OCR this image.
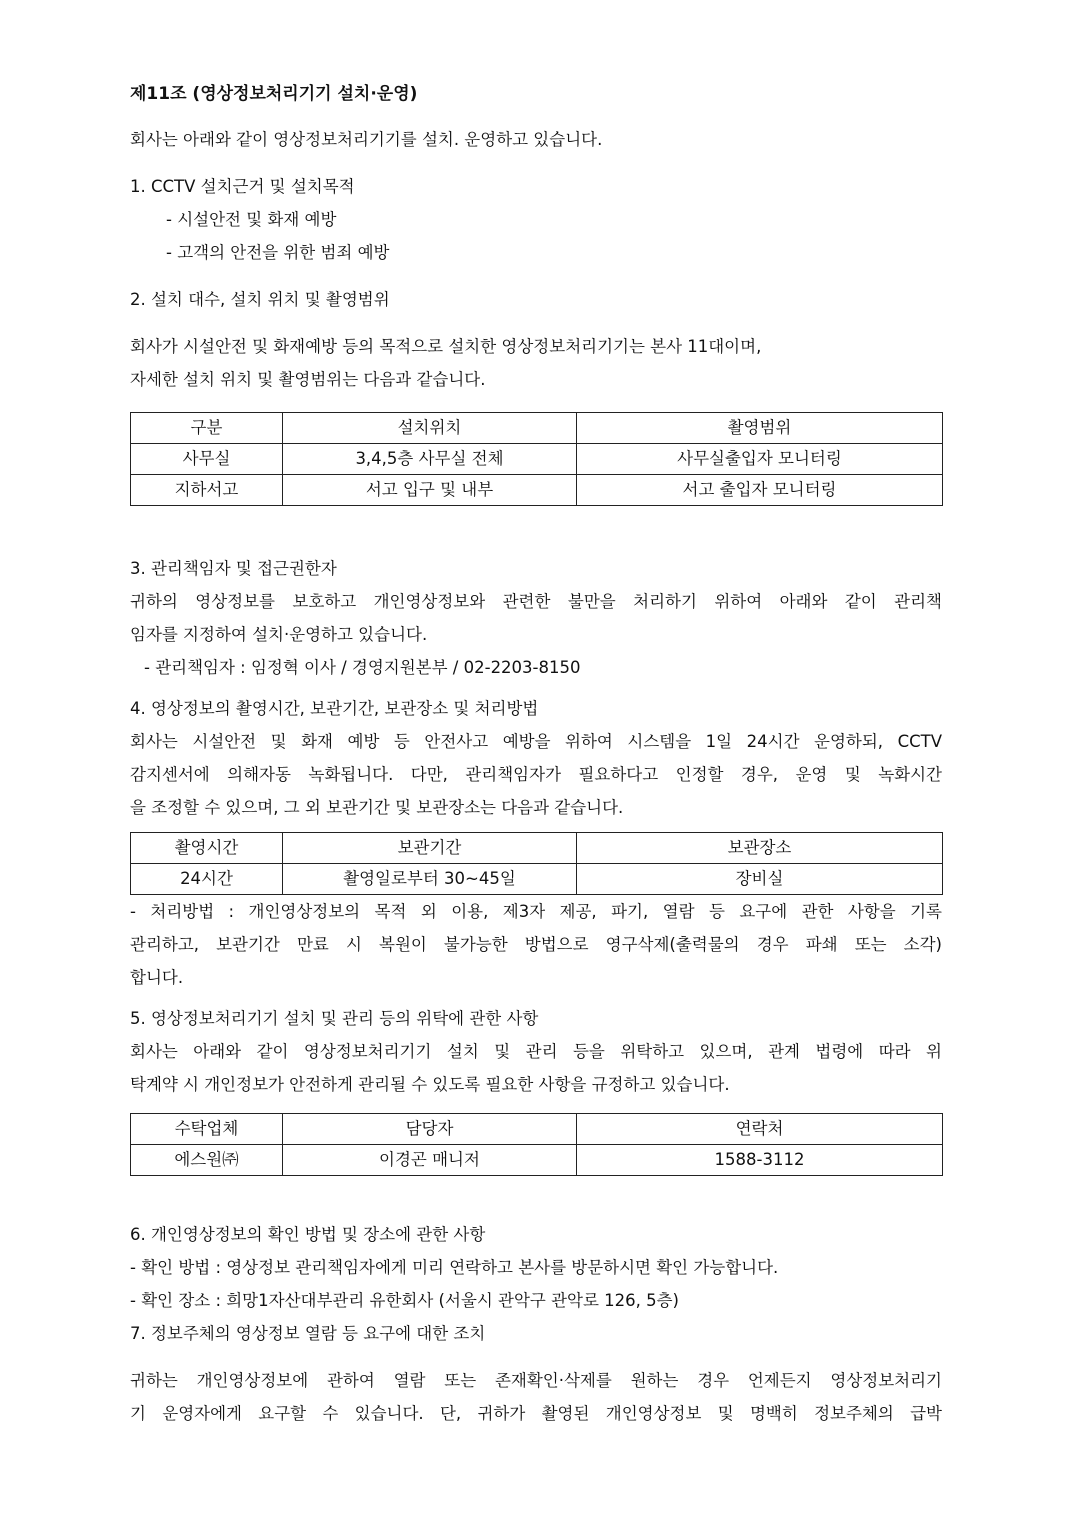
제11조 (영상정보처리기기 설치·운영)
회사는 아래와 같이 영상정보처리기기를 설치. 운영하고 있습니다.
1. CCTV 설치근거 및 설치목적
- 시설안전 및 화재 예방
- 고객의 안전을 위한 범죄 예방
2. 설치 대수, 설치 위치 및 촬영범위
회사가 시설안전 및 화재예방 등의 목적으로 설치한 영상정보처리기기는 본사 11대이며,
자세한 설치 위치 및 촬영범위는 다음과 같습니다.
구분	설치위치	촬영범위
사무실	3,4,5층 사무실 전체	사무실출입자 모니터링
지하서고	서고 입구 및 내부	서고 출입자 모니터링
3. 관리책임자 및 접근권한자
귀하의 영상정보를 보호하고 개인영상정보와 관련한 불만을 처리하기 위하여 아래와 같이 관리책
임자를 지정하여 설치·운영하고 있습니다.
- 관리책임자 : 임정혁 이사 / 경영지원본부 / 02-2203-8150
4. 영상정보의 촬영시간, 보관기간, 보관장소 및 처리방법
회사는 시설안전 및 화재 예방 등 안전사고 예방을 위하여 시스템을 1일 24시간 운영하되, CCTV
감지센서에 의해자동 녹화됩니다. 다만, 관리책임자가 필요하다고 인정할 경우, 운영 및 녹화시간
을 조정할 수 있으며, 그 외 보관기간 및 보관장소는 다음과 같습니다.
촬영시간	보관기간	보관장소
24시간	촬영일로부터 30~45일	장비실
- 처리방법 : 개인영상정보의 목적 외 이용, 제3자 제공, 파기, 열람 등 요구에 관한 사항을 기록
관리하고, 보관기간 만료 시 복원이 불가능한 방법으로 영구삭제(출력물의 경우 파쇄 또는 소각)
합니다.
5. 영상정보처리기기 설치 및 관리 등의 위탁에 관한 사항
회사는 아래와 같이 영상정보처리기기 설치 및 관리 등을 위탁하고 있으며, 관계 법령에 따라 위
탁계약 시 개인정보가 안전하게 관리될 수 있도록 필요한 사항을 규정하고 있습니다.
수탁업체	담당자	연락처
에스원㈜	이경곤 매니저	1588-3112
6. 개인영상정보의 확인 방법 및 장소에 관한 사항
- 확인 방법 : 영상정보 관리책임자에게 미리 연락하고 본사를 방문하시면 확인 가능합니다.
- 확인 장소 : 희망1자산대부관리 유한회사 (서울시 관악구 관악로 126, 5층)
7. 정보주체의 영상정보 열람 등 요구에 대한 조치
귀하는 개인영상정보에 관하여 열람 또는 존재확인·삭제를 원하는 경우 언제든지 영상정보처리기
기 운영자에게 요구할 수 있습니다. 단, 귀하가 촬영된 개인영상정보 및 명백히 정보주체의 급박
